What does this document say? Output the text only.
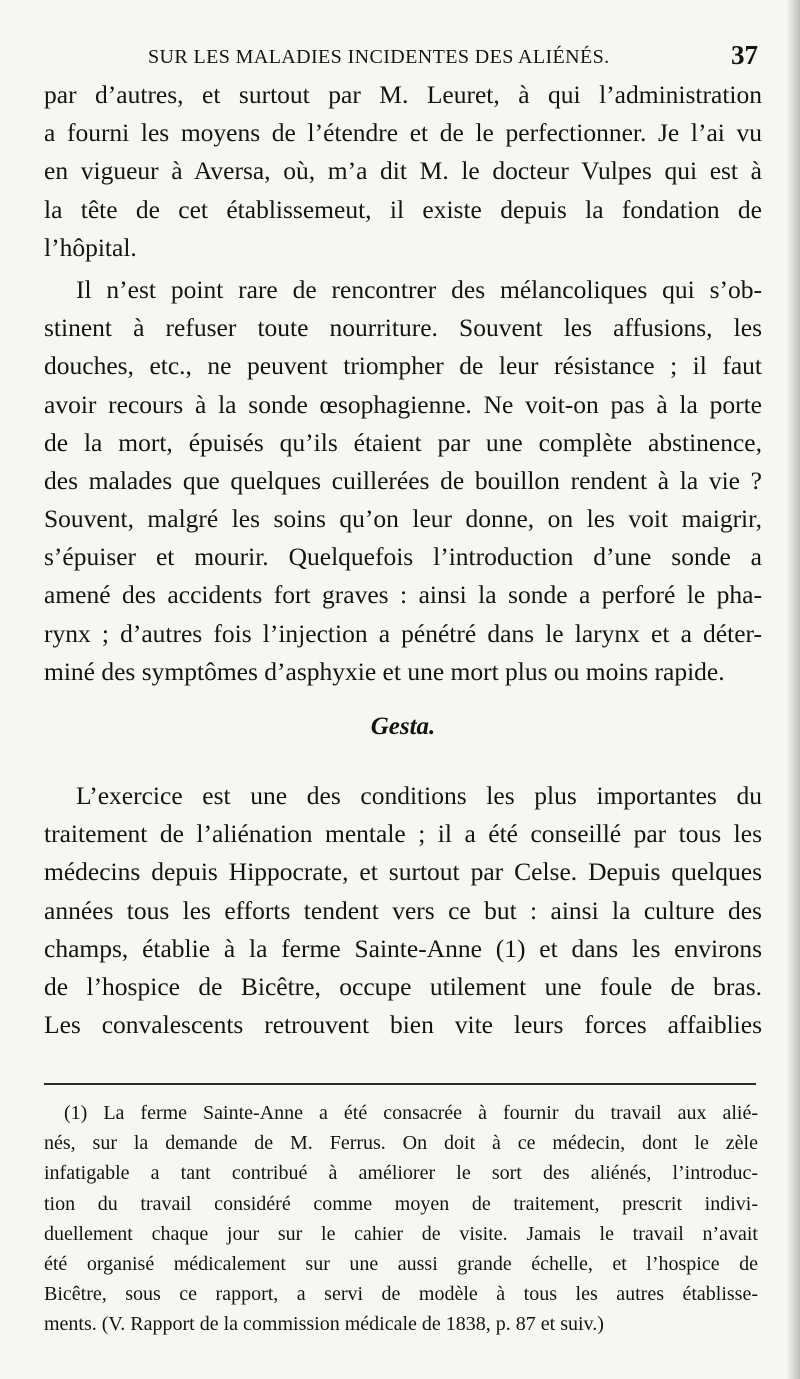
SUR LES MALADIES INCIDENTES DES ALIÉNÉS.	37
par d’autres, et surtout par M. Leuret, à qui l’administration
a fourni les moyens de l’étendre et de le perfectionner. Je l’ai vu
en vigueur à Aversa, où, m’a dit M. le docteur Vulpes qui est à
la tête de cet établissemeut, il existe depuis la fondation de
l’hôpital.
Il n’est point rare de rencontrer des mélancoliques qui s’ob-
stinent à refuser toute nourriture. Souvent les affusions, les
douches, etc., ne peuvent triompher de leur résistance ; il faut
avoir recours à la sonde œsophagienne. Ne voit-on pas à la porte
de la mort, épuisés qu’ils étaient par une complète abstinence,
des malades que quelques cuillerées de bouillon rendent à la vie ?
Souvent, malgré les soins qu’on leur donne, on les voit maigrir,
s’épuiser et mourir. Quelquefois l’introduction d’une sonde a
amené des accidents fort graves : ainsi la sonde a perforé le pha-
rynx ; d’autres fois l’injection a pénétré dans le larynx et a déter-
miné des symptômes d’asphyxie et une mort plus ou moins rapide.
Gesta.
L’exercice est une des conditions les plus importantes du
traitement de l’aliénation mentale ; il a été conseillé par tous les
médecins depuis Hippocrate, et surtout par Celse. Depuis quelques
années tous les efforts tendent vers ce but : ainsi la culture des
champs, établie à la ferme Sainte-Anne (1) et dans les environs
de l’hospice de Bicêtre, occupe utilement une foule de bras.
Les convalescents retrouvent bien vite leurs forces affaiblies
(1) La ferme Sainte-Anne a été consacrée à fournir du travail aux alié-
nés, sur la demande de M. Ferrus. On doit à ce médecin, dont le zèle
infatigable a tant contribué à améliorer le sort des aliénés, l’introduc-
tion du travail considéré comme moyen de traitement, prescrit indivi-
duellement chaque jour sur le cahier de visite. Jamais le travail n’avait
été organisé médicalement sur une aussi grande échelle, et l’hospice de
Bicêtre, sous ce rapport, a servi de modèle à tous les autres établisse-
ments. (V. Rapport de la commission médicale de 1838, p. 87 et suiv.)
